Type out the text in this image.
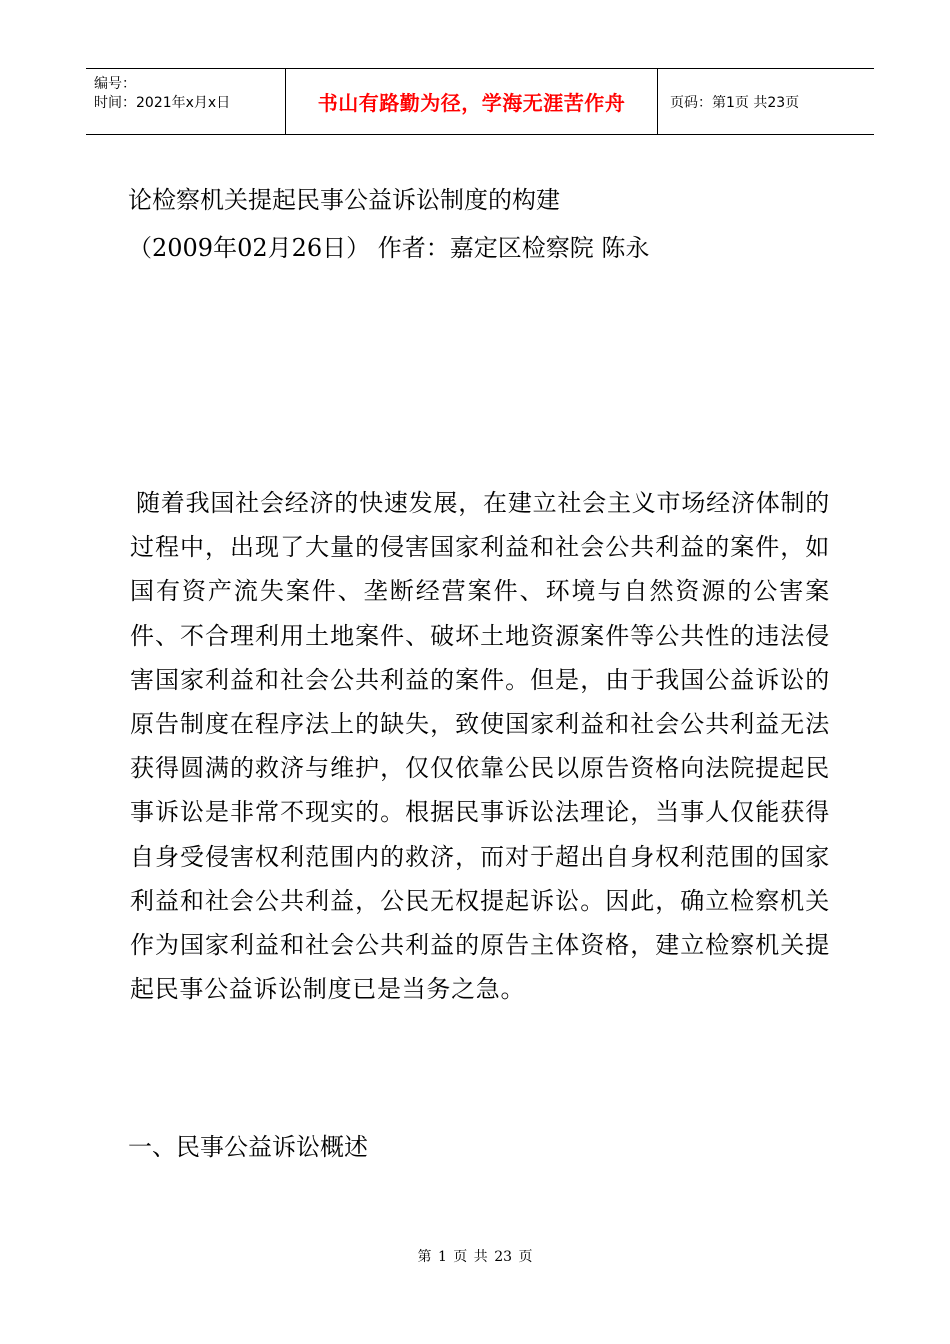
编号：
时间：2021年x月x日	书山有路勤为径，学海无涯苦作舟	页码：第1页 共23页
论检察机关提起民事公益诉讼制度的构建
（2009年02月26日） 作者：嘉定区检察院 陈永

随着我国社会经济的快速发展，在建立社会主义市场经济体制的过程中，出现了大量的侵害国家利益和社会公共利益的案件，如国有资产流失案件、垄断经营案件、环境与自然资源的公害案件、不合理利用土地案件、破坏土地资源案件等公共性的违法侵害国家利益和社会公共利益的案件。但是，由于我国公益诉讼的原告制度在程序法上的缺失，致使国家利益和社会公共利益无法获得圆满的救济与维护，仅仅依靠公民以原告资格向法院提起民事诉讼是非常不现实的。根据民事诉讼法理论，当事人仅能获得自身受侵害权利范围内的救济，而对于超出自身权利范围的国家利益和社会公共利益，公民无权提起诉讼。因此，确立检察机关作为国家利益和社会公共利益的原告主体资格，建立检察机关提起民事公益诉讼制度已是当务之急。

一、民事公益诉讼概述
第 1 页 共 23 页
